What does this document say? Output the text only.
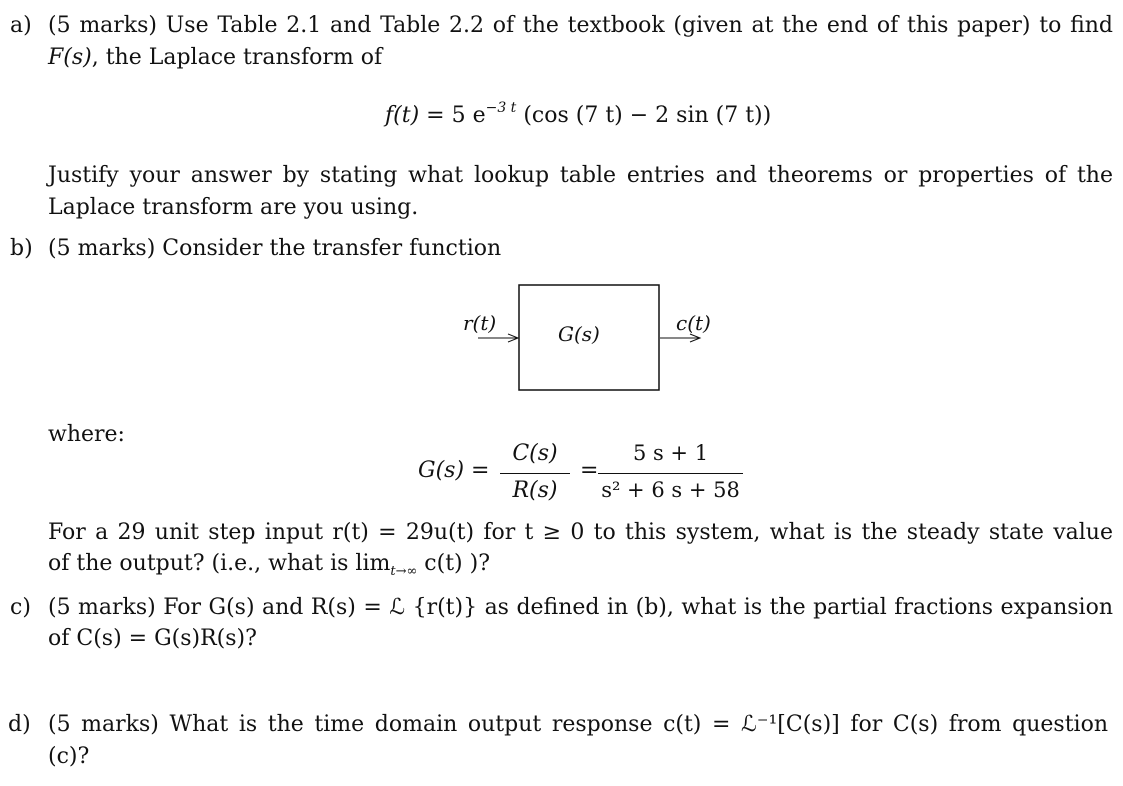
a) (5 marks) Use Table 2.1 and Table 2.2 of the textbook (given at the end of this paper) to find
F(s), the Laplace transform of
f(t) = 5 $e^{-3 t}$ (cos (7 t) − 2 sin (7 t))
Justify your answer by stating what lookup table entries and theorems or properties of the
Laplace transform are you using.
b) (5 marks) Consider the transfer function
r(t)	G(s)	c(t)
where:
G(s) =
C(s)
R(s)
=
5 s + 1
s² + 6 s + 58
For a 29 unit step input r(t) = 29u(t) for t ≥ 0 to this system, what is the steady state value
of the output? (i.e., what is $\lim_{t\to\infty} c(t)$ )?
c) (5 marks) For G(s) and R(s) = ℒ {r(t)} as defined in (b), what is the partial fractions expansion
of C(s) = G(s)R(s)?
d) (5 marks) What is the time domain output response c(t) = ℒ⁻¹[C(s)] for C(s) from question
(c)?
